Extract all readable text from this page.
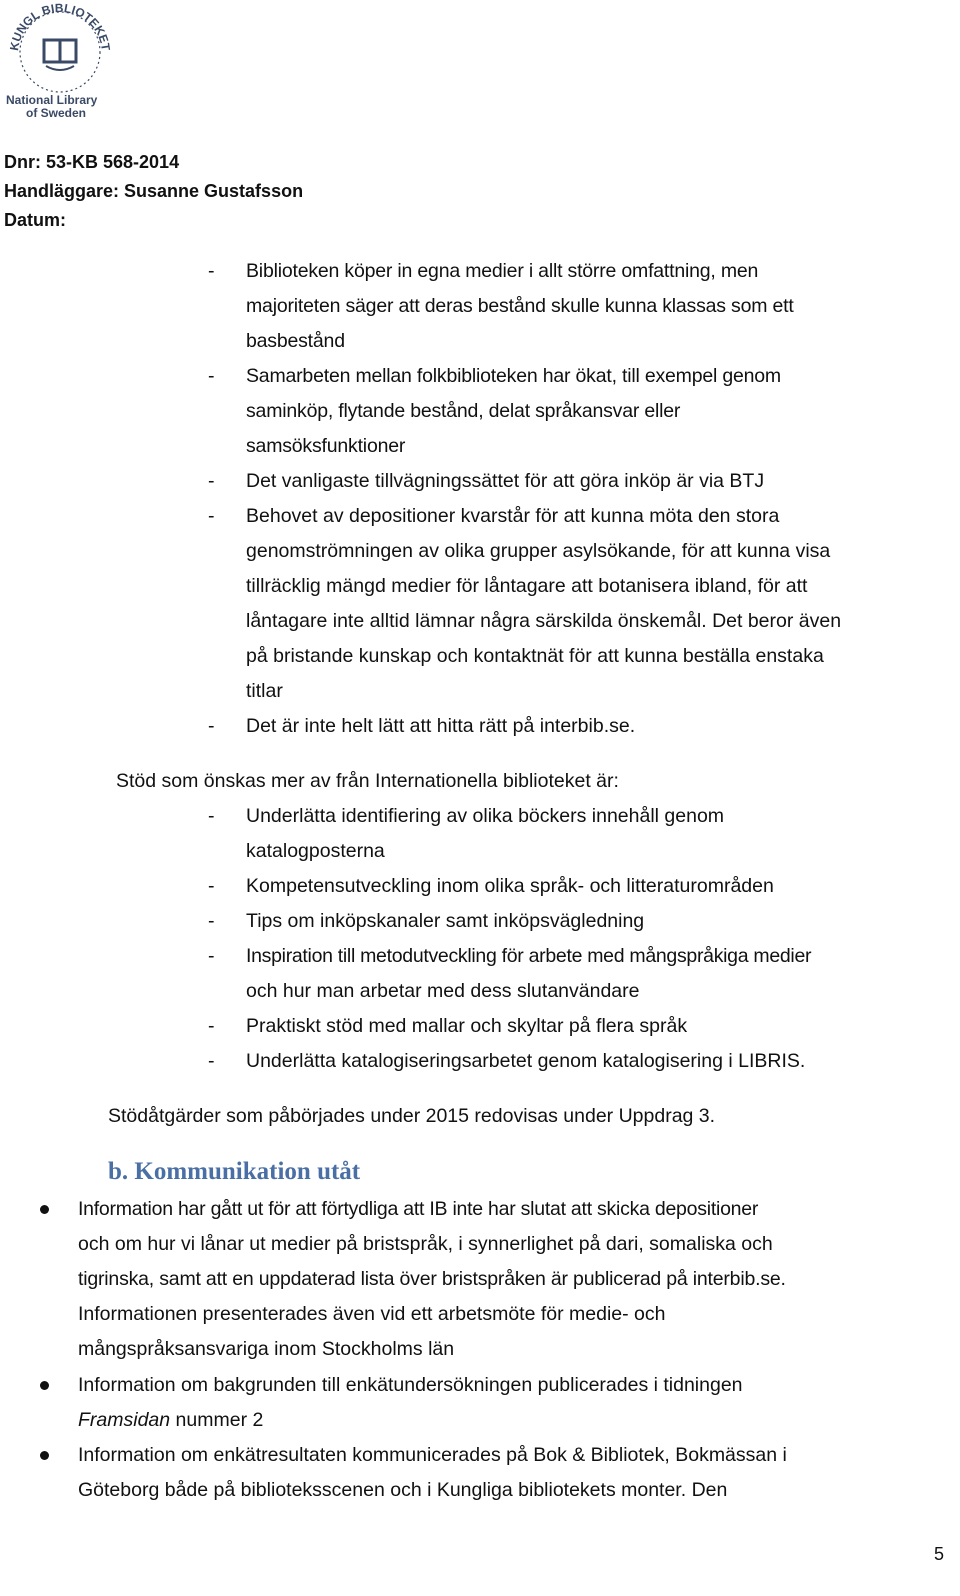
KUNGL BIBLIOTEKET
National Library
of Sweden
Dnr: 53-KB 568-2014
Handläggare: Susanne Gustafsson
Datum:
- Biblioteken köper in egna medier i allt större omfattning, men
majoriteten säger att deras bestånd skulle kunna klassas som ett
basbestånd
- Samarbeten mellan folkbiblioteken har ökat, till exempel genom
saminköp, flytande bestånd, delat språkansvar eller
samsöksfunktioner
- Det vanligaste tillvägningssättet för att göra inköp är via BTJ
- Behovet av depositioner kvarstår för att kunna möta den stora
genomströmningen av olika grupper asylsökande, för att kunna visa
tillräcklig mängd medier för låntagare att botanisera ibland, för att
låntagare inte alltid lämnar några särskilda önskemål. Det beror även
på bristande kunskap och kontaktnät för att kunna beställa enstaka
titlar
- Det är inte helt lätt att hitta rätt på interbib.se.
Stöd som önskas mer av från Internationella biblioteket är:
- Underlätta identifiering av olika böckers innehåll genom
katalogposterna
- Kompetensutveckling inom olika språk- och litteraturområden
- Tips om inköpskanaler samt inköpsvägledning
- Inspiration till metodutveckling för arbete med mångspråkiga medier
och hur man arbetar med dess slutanvändare
- Praktiskt stöd med mallar och skyltar på flera språk
- Underlätta katalogiseringsarbetet genom katalogisering i LIBRIS.
Stödåtgärder som påbörjades under 2015 redovisas under Uppdrag 3.
b. Kommunikation utåt
Information har gått ut för att förtydliga att IB inte har slutat att skicka depositioner
och om hur vi lånar ut medier på bristspråk, i synnerlighet på dari, somaliska och
tigrinska, samt att en uppdaterad lista över bristspråken är publicerad på interbib.se.
Informationen presenterades även vid ett arbetsmöte för medie- och
mångspråksansvariga inom Stockholms län
Information om bakgrunden till enkätundersökningen publicerades i tidningen
Framsidan nummer 2
Information om enkätresultaten kommunicerades på Bok & Bibliotek, Bokmässan i
Göteborg både på biblioteksscenen och i Kungliga bibliotekets monter. Den
5
